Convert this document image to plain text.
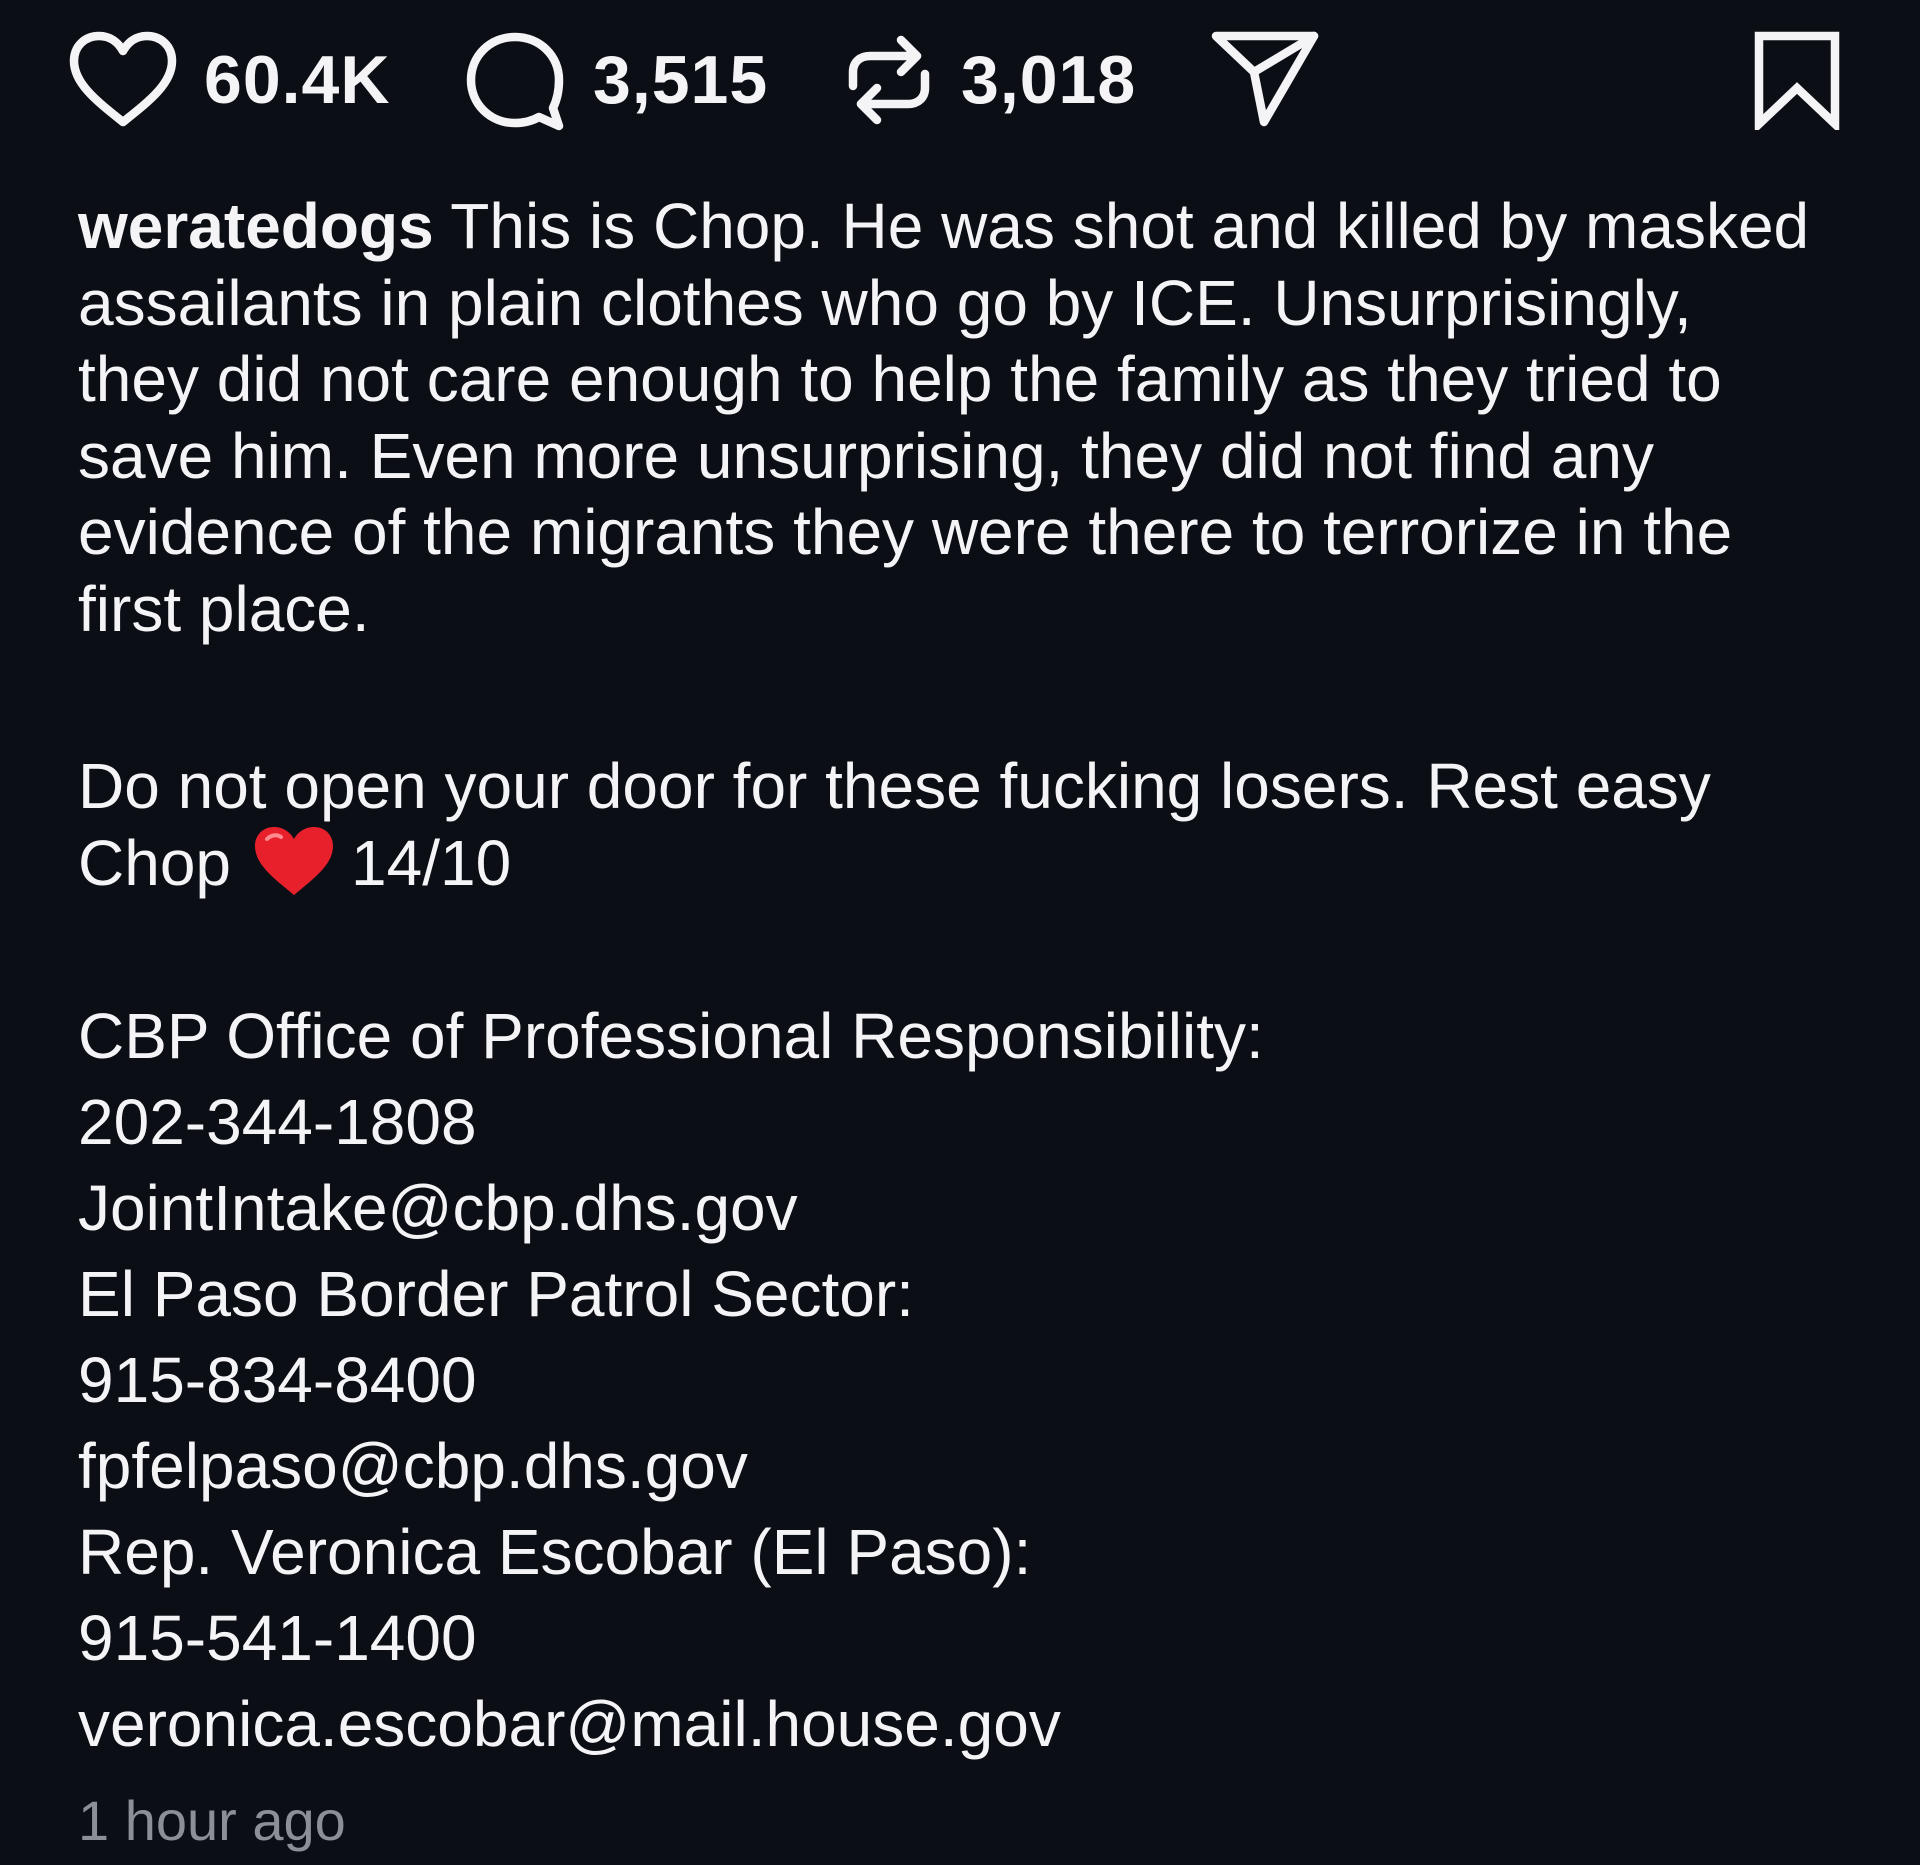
60.4K	3,515	3,018
weratedogs This is Chop. He was shot and killed by masked assailants in plain clothes who go by ICE. Unsurprisingly, they did not care enough to help the family as they tried to save him. Even more unsurprising, they did not find any evidence of the migrants they were there to terrorize in the first place.
Do not open your door for these fucking losers. Rest easy Chop 14/10
CBP Office of Professional Responsibility:
202-344-1808
JointIntake@cbp.dhs.gov
El Paso Border Patrol Sector:
915-834-8400
fpfelpaso@cbp.dhs.gov
Rep. Veronica Escobar (El Paso):
915-541-1400
veronica.escobar@mail.house.gov
1 hour ago
